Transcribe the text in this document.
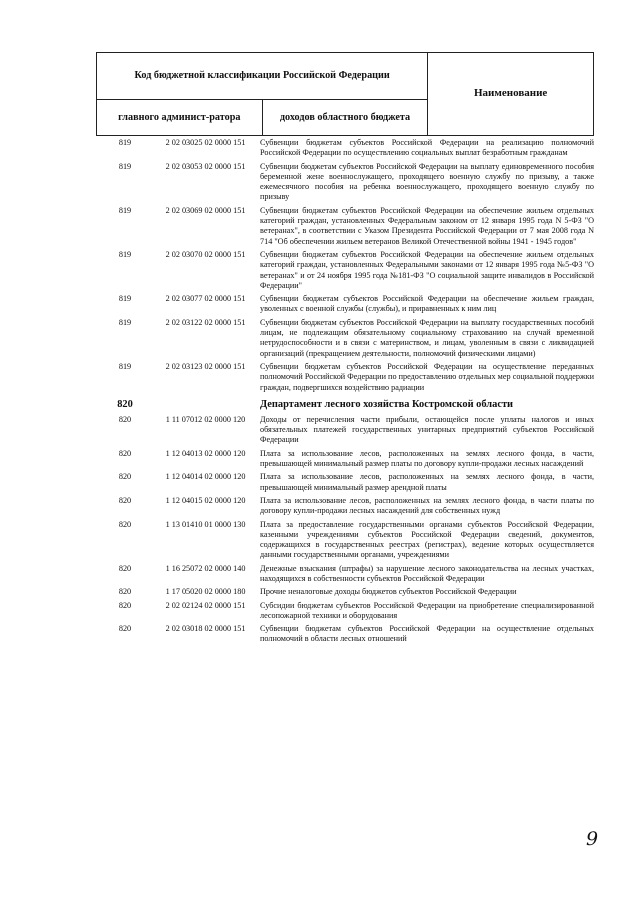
Код бюджетной классификации Российской Федерации		Наименование
главного админист-ратора	доходов областного бюджета	
819	2 02 03025 02 0000 151	Субвенции бюджетам субъектов Российской Федерации на реализацию полномочий Российской Федерации по осуществлению социальных выплат безработным гражданам
819	2 02 03053 02 0000 151	Субвенции бюджетам субъектов Российской Федерации на выплату единовременного пособия беременной жене военнослужащего, проходящего военную службу по призыву, а также ежемесячного пособия на ребенка военнослужащего, проходящего военную службу по призыву
819	2 02 03069 02 0000 151	Субвенции бюджетам субъектов Российской Федерации на обеспечение жильем отдельных категорий граждан, установленных Федеральным законом от 12 января 1995 года N 5-ФЗ "О ветеранах", в соответствии с Указом Президента Российской Федерации от 7 мая 2008 года N 714 "Об обеспечении жильем ветеранов Великой Отечественной войны 1941 - 1945 годов"
819	2 02 03070 02 0000 151	Субвенции бюджетам субъектов Российской Федерации на обеспечение жильем отдельных категорий граждан, установленных Федеральными законами от 12 января 1995 года №5-ФЗ "О ветеранах" и от 24 ноября 1995 года №181-ФЗ "О социальной защите инвалидов в Российской Федерации"
819	2 02 03077 02 0000 151	Субвенции бюджетам субъектов Российской Федерации на обеспечение жильем граждан, уволенных с военной службы (службы), и приравненных к ним лиц
819	2 02 03122 02 0000 151	Субвенции бюджетам субъектов Российской Федерации на выплату государственных пособий лицам, не подлежащим обязательному социальному страхованию на случай временной нетрудоспособности и в связи с материнством, и лицам, уволенным в связи с ликвидацией организаций (прекращением деятельности, полномочий физическими лицами)
819	2 02 03123 02 0000 151	Субвенции бюджетам субъектов Российской Федерации на осуществление переданных полномочий Российской Федерации по предоставлению отдельных мер социальной поддержки граждан, подвергшихся воздействию радиации
820	Департамент лесного хозяйства Костромской области
820	1 11 07012 02 0000 120	Доходы от перечисления части прибыли, остающейся после уплаты налогов и иных обязательных платежей государственных унитарных предприятий субъектов Российской Федерации
820	1 12 04013 02 0000 120	Плата за использование лесов, расположенных на землях лесного фонда, в части, превышающей минимальный размер платы по договору купли-продажи лесных насаждений
820	1 12 04014 02 0000 120	Плата за использование лесов, расположенных на землях лесного фонда, в части, превышающей минимальный размер арендной платы
820	1 12 04015 02 0000 120	Плата за использование лесов, расположенных на землях лесного фонда, в части платы по договору купли-продажи лесных насаждений для собственных нужд
820	1 13 01410 01 0000 130	Плата за предоставление государственными органами субъектов Российской Федерации, казенными учреждениями субъектов Российской Федерации сведений, документов, содержащихся в государственных реестрах (регистрах), ведение которых осуществляется данными государственными органами, учреждениями
820	1 16 25072 02 0000 140	Денежные взыскания (штрафы) за нарушение лесного законодательства на лесных участках, находящихся в собственности субъектов Российской Федерации
820	1 17 05020 02 0000 180	Прочие неналоговые доходы бюджетов субъектов Российской Федерации
820	2 02 02124 02 0000 151	Субсидии бюджетам субъектов Российской Федерации на приобретение специализированной лесопожарной техники и оборудования
820	2 02 03018 02 0000 151	Субвенции бюджетам субъектов Российской Федерации на осуществление отдельных полномочий в области лесных отношений
9
